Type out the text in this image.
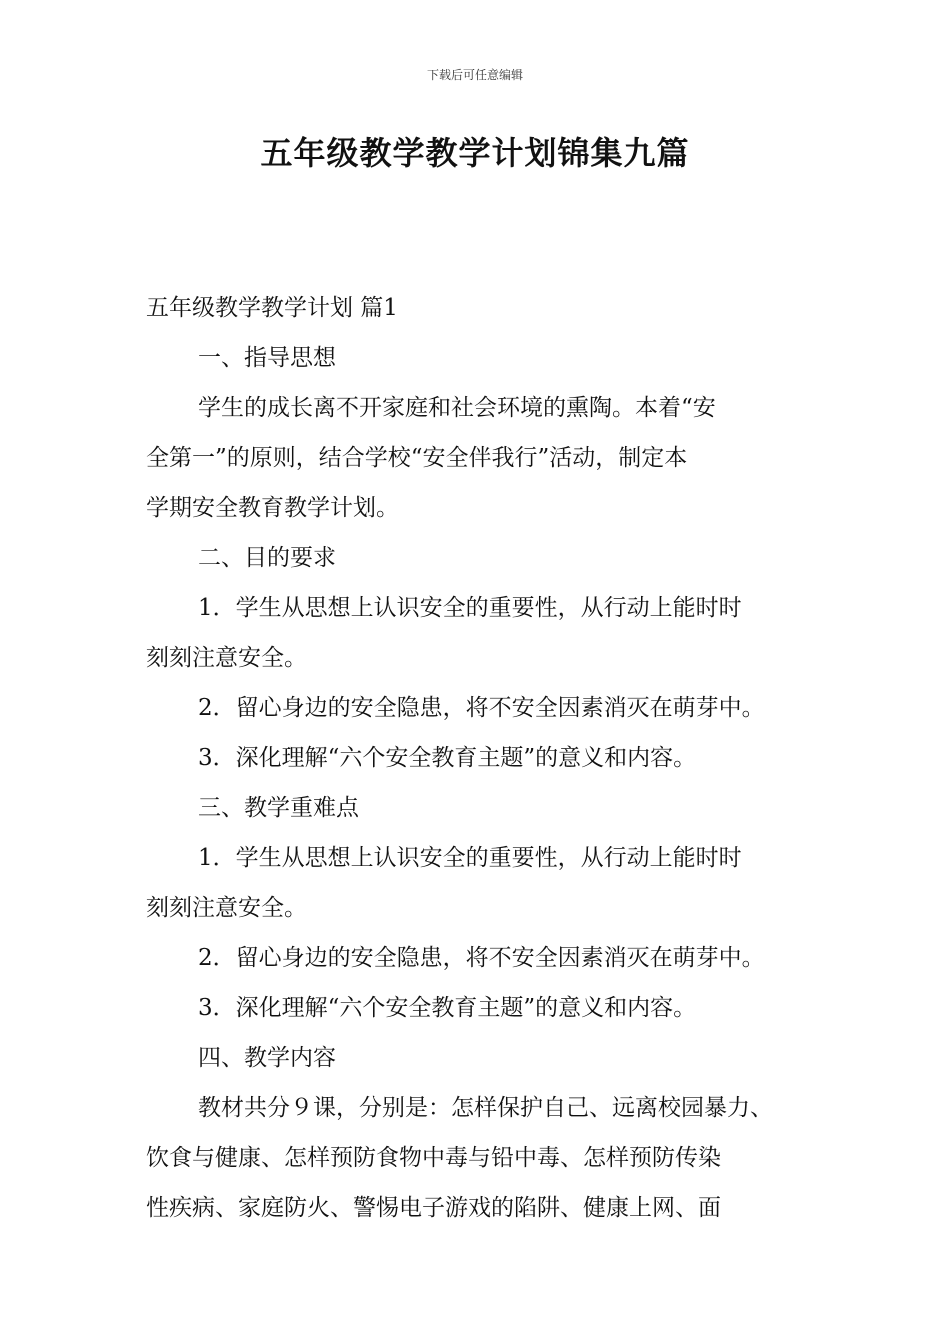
下载后可任意编辑
五年级教学教学计划锦集九篇

五年级教学教学计划 篇1

一、指导思想

学生的成长离不开家庭和社会环境的熏陶。本着“安

全第一”的原则，结合学校“安全伴我行”活动，制定本

学期安全教育教学计划。

二、目的要求

1．学生从思想上认识安全的重要性，从行动上能时时

刻刻注意安全。

2．留心身边的安全隐患，将不安全因素消灭在萌芽中。

3．深化理解“六个安全教育主题”的意义和内容。

三、教学重难点

1．学生从思想上认识安全的重要性，从行动上能时时

刻刻注意安全。

2．留心身边的安全隐患，将不安全因素消灭在萌芽中。

3．深化理解“六个安全教育主题”的意义和内容。

四、教学内容

教材共分９课，分别是：怎样保护自己、远离校园暴力、

饮食与健康、怎样预防食物中毒与铅中毒、怎样预防传染

性疾病、家庭防火、警惕电子游戏的陷阱、健康上网、面
